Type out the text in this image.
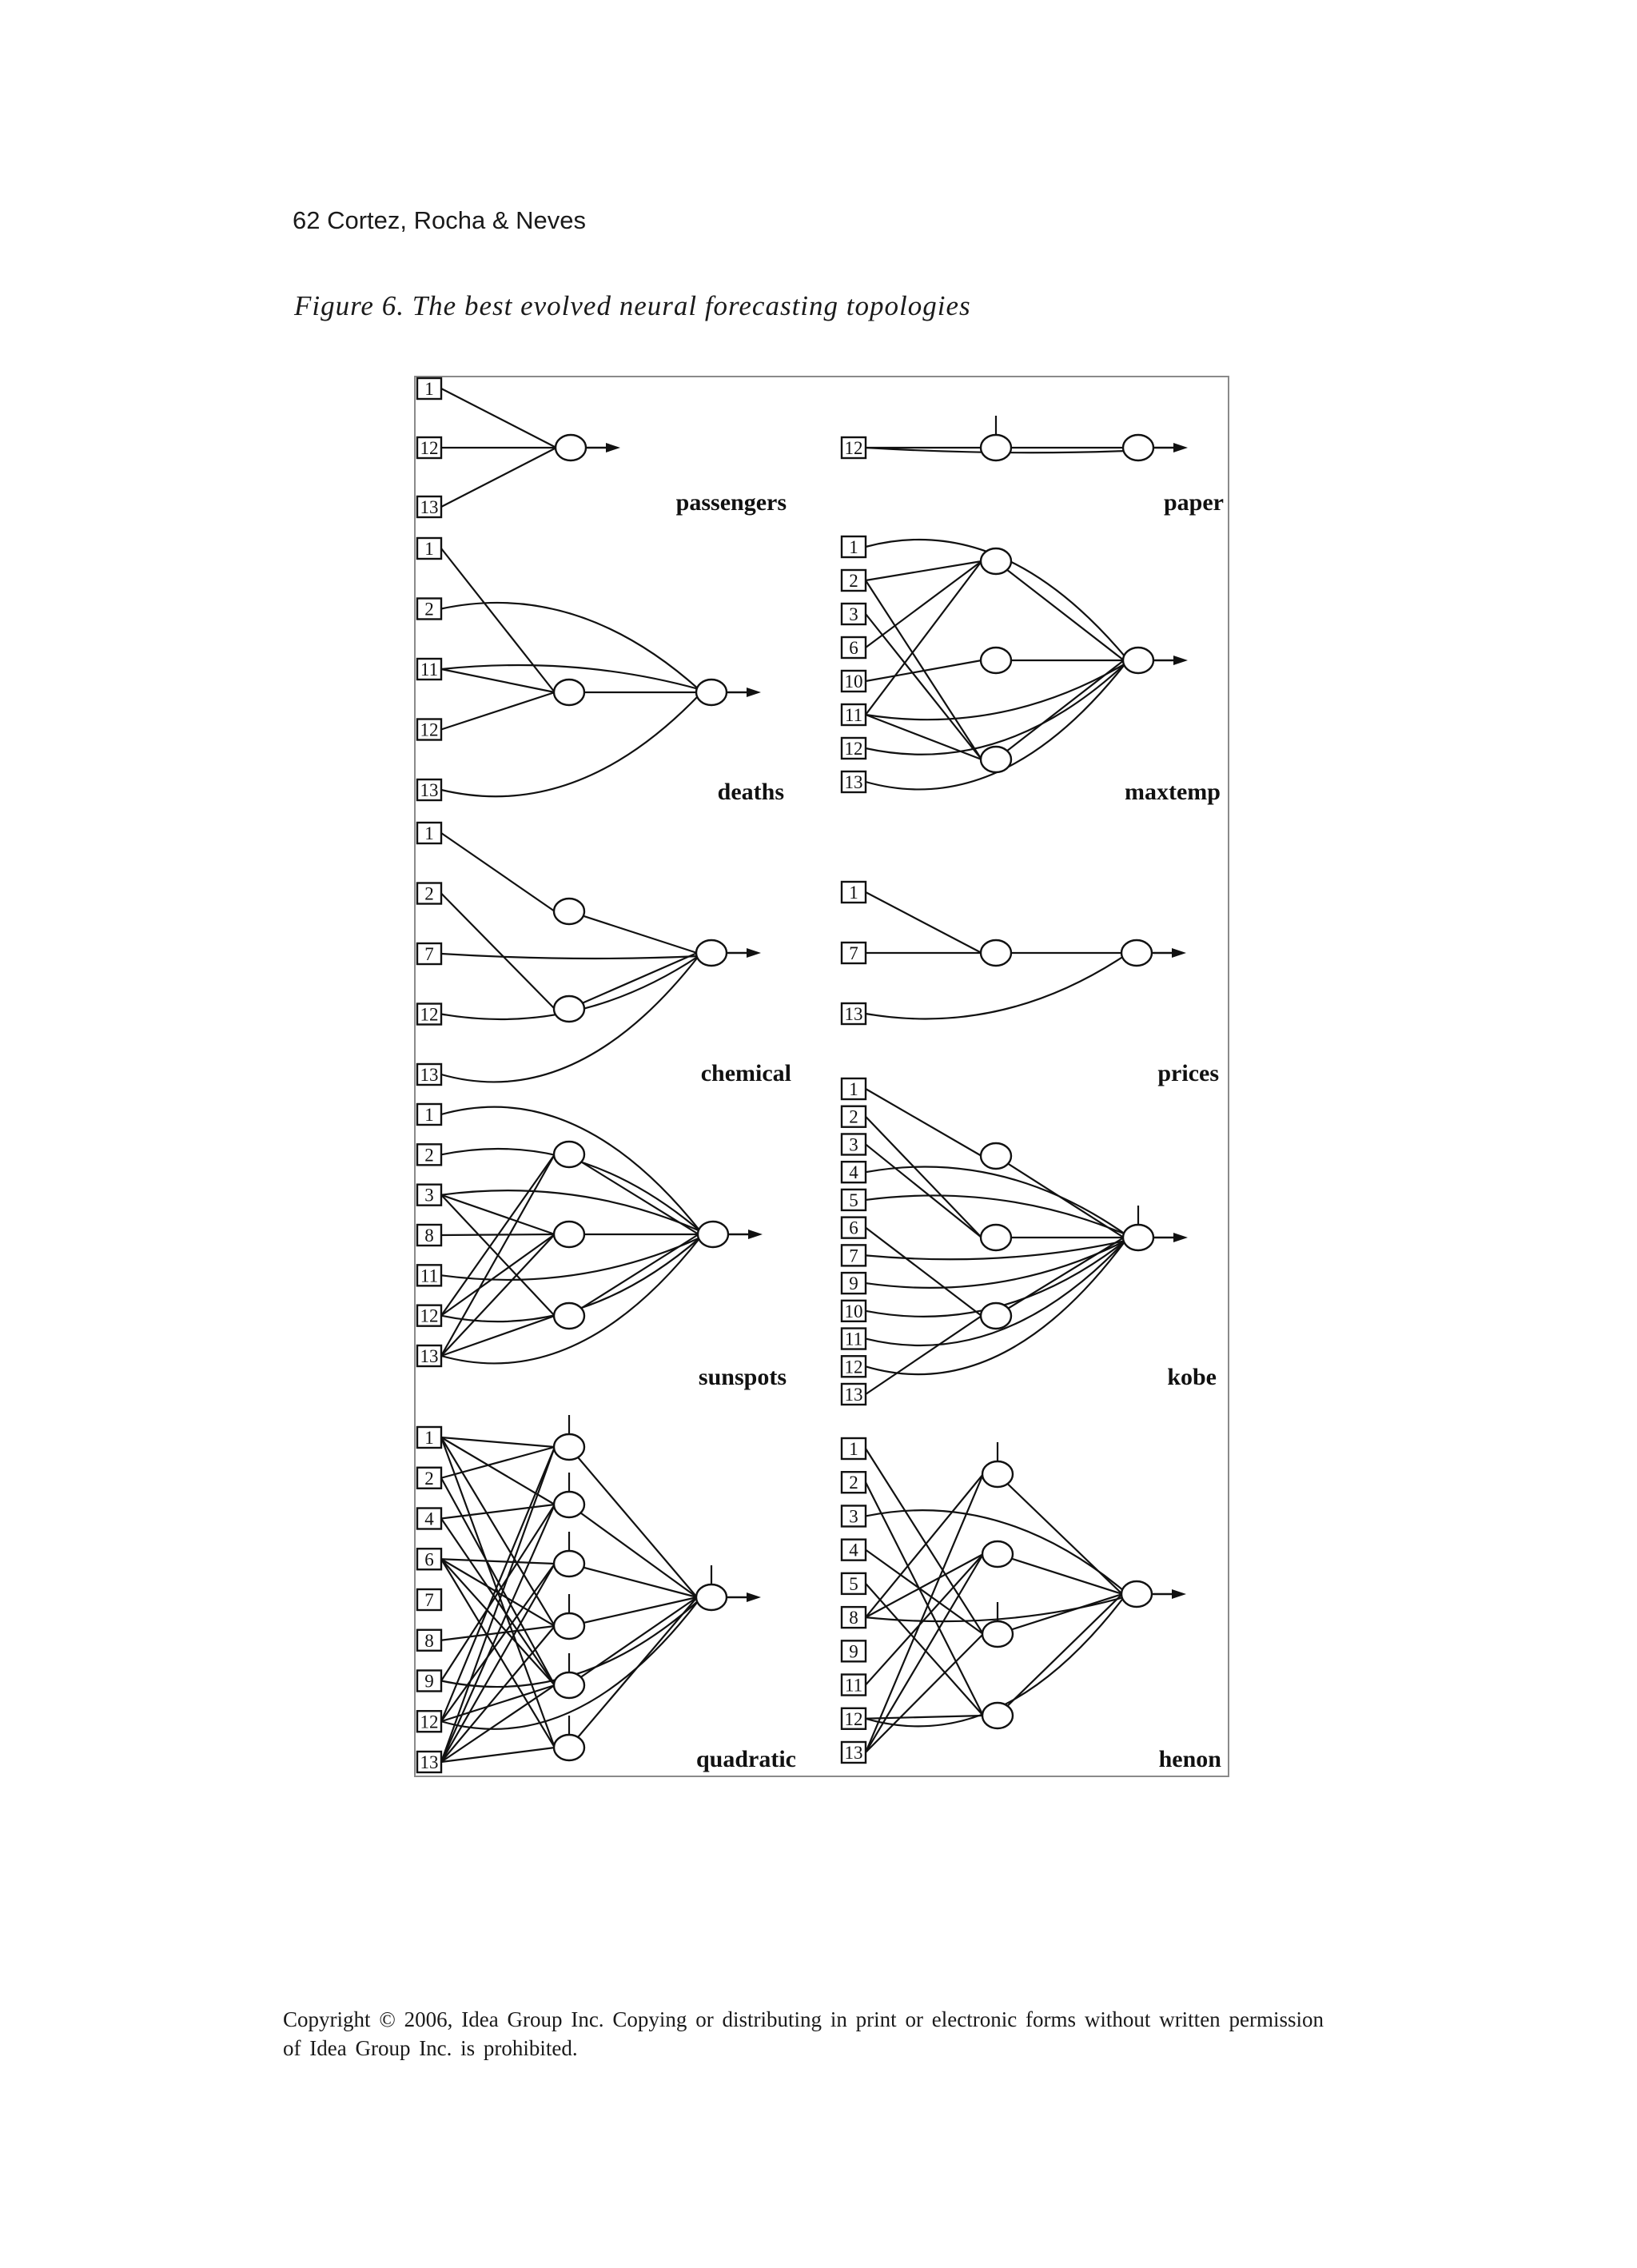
62 Cortez, Rocha & Neves
Figure 6. The best evolved neural forecasting topologies
1
12
13	passengers
12
paper
1
2
11
12
13	deaths
1
2
3
6
10
11
12
13	maxtemp
1
2
7
12
13	chemical
1
7
13
prices
1
2
3
8
11
12
13
sunspots
1
2
3
4
5
6
7
9
10
11
12
13
kobe
1
2
4
6
7
8
9
12
13	quadratic
1
2
3
4
5
8
9
11
12
13	henon
Copyright © 2006, Idea Group Inc. Copying or distributing in print or electronic forms without written permission of Idea Group Inc. is prohibited.
